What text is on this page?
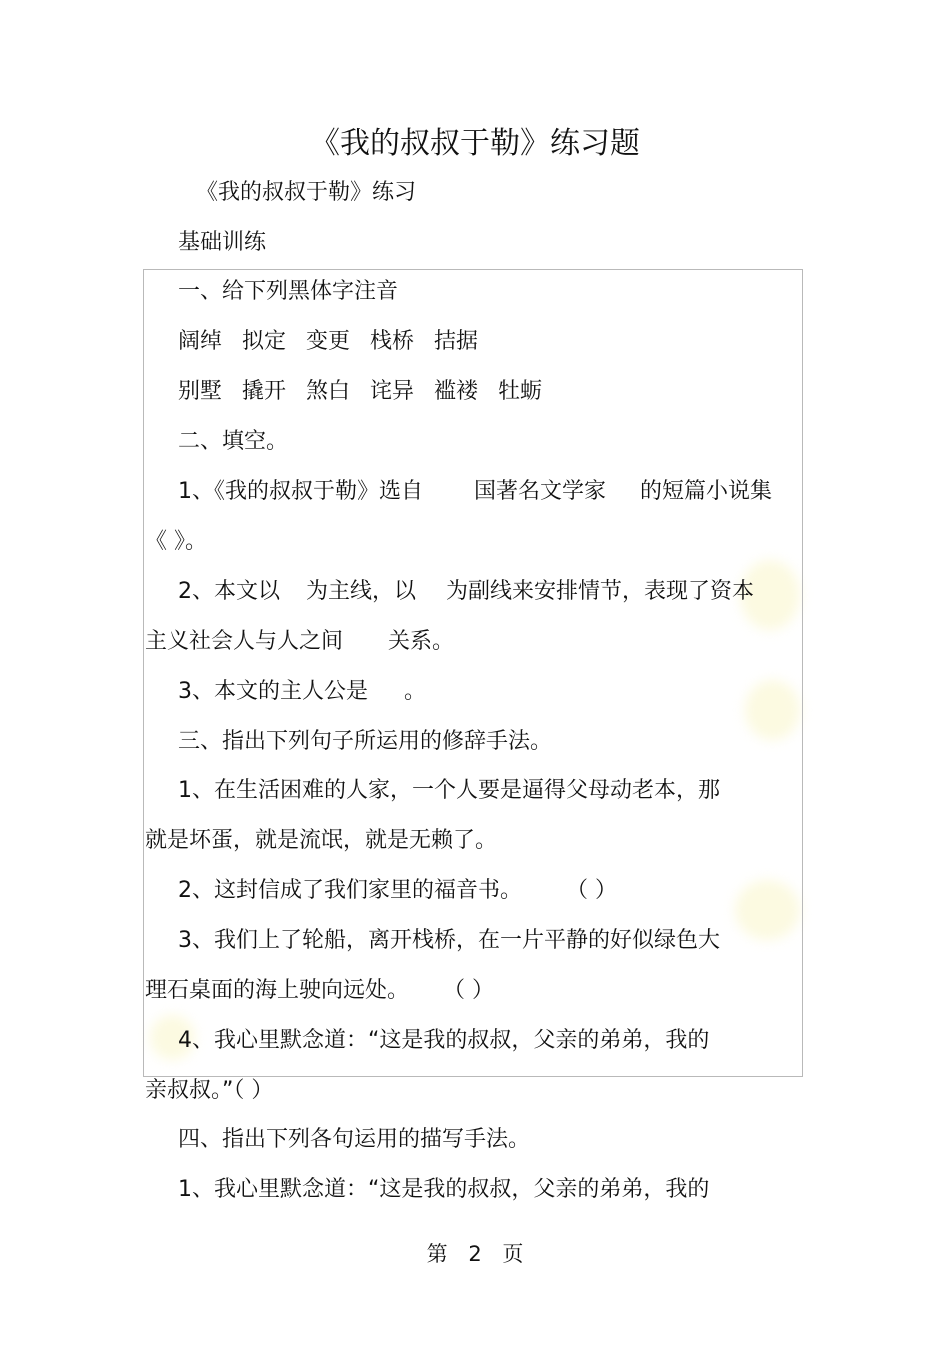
《我的叔叔于勒》练习题
《我的叔叔于勒》练习
基础训练
一、给下列黑体字注音
阔绰 拟定 变更 栈桥 拮据
别墅 撬开 煞白 诧异 褴褛 牡蛎
二、填空。
1、《我的叔叔于勒》选自 国著名文学家 的短篇小说集
《 》。
2、本文以 为主线，以 为副线来安排情节，表现了资本
主义社会人与人之间 关系。
3、本文的主人公是 。
三、指出下列句子所运用的修辞手法。
1、在生活困难的人家，一个人要是逼得父母动老本，那
就是坏蛋，就是流氓，就是无赖了。
2、这封信成了我们家里的福音书。 （ ）
3、我们上了轮船，离开栈桥，在一片平静的好似绿色大
理石桌面的海上驶向远处。 （ ）
4、我心里默念道：“这是我的叔叔，父亲的弟弟，我的
亲叔叔。”（ ）
四、指出下列各句运用的描写手法。
1、我心里默念道：“这是我的叔叔，父亲的弟弟，我的
第 2 页
